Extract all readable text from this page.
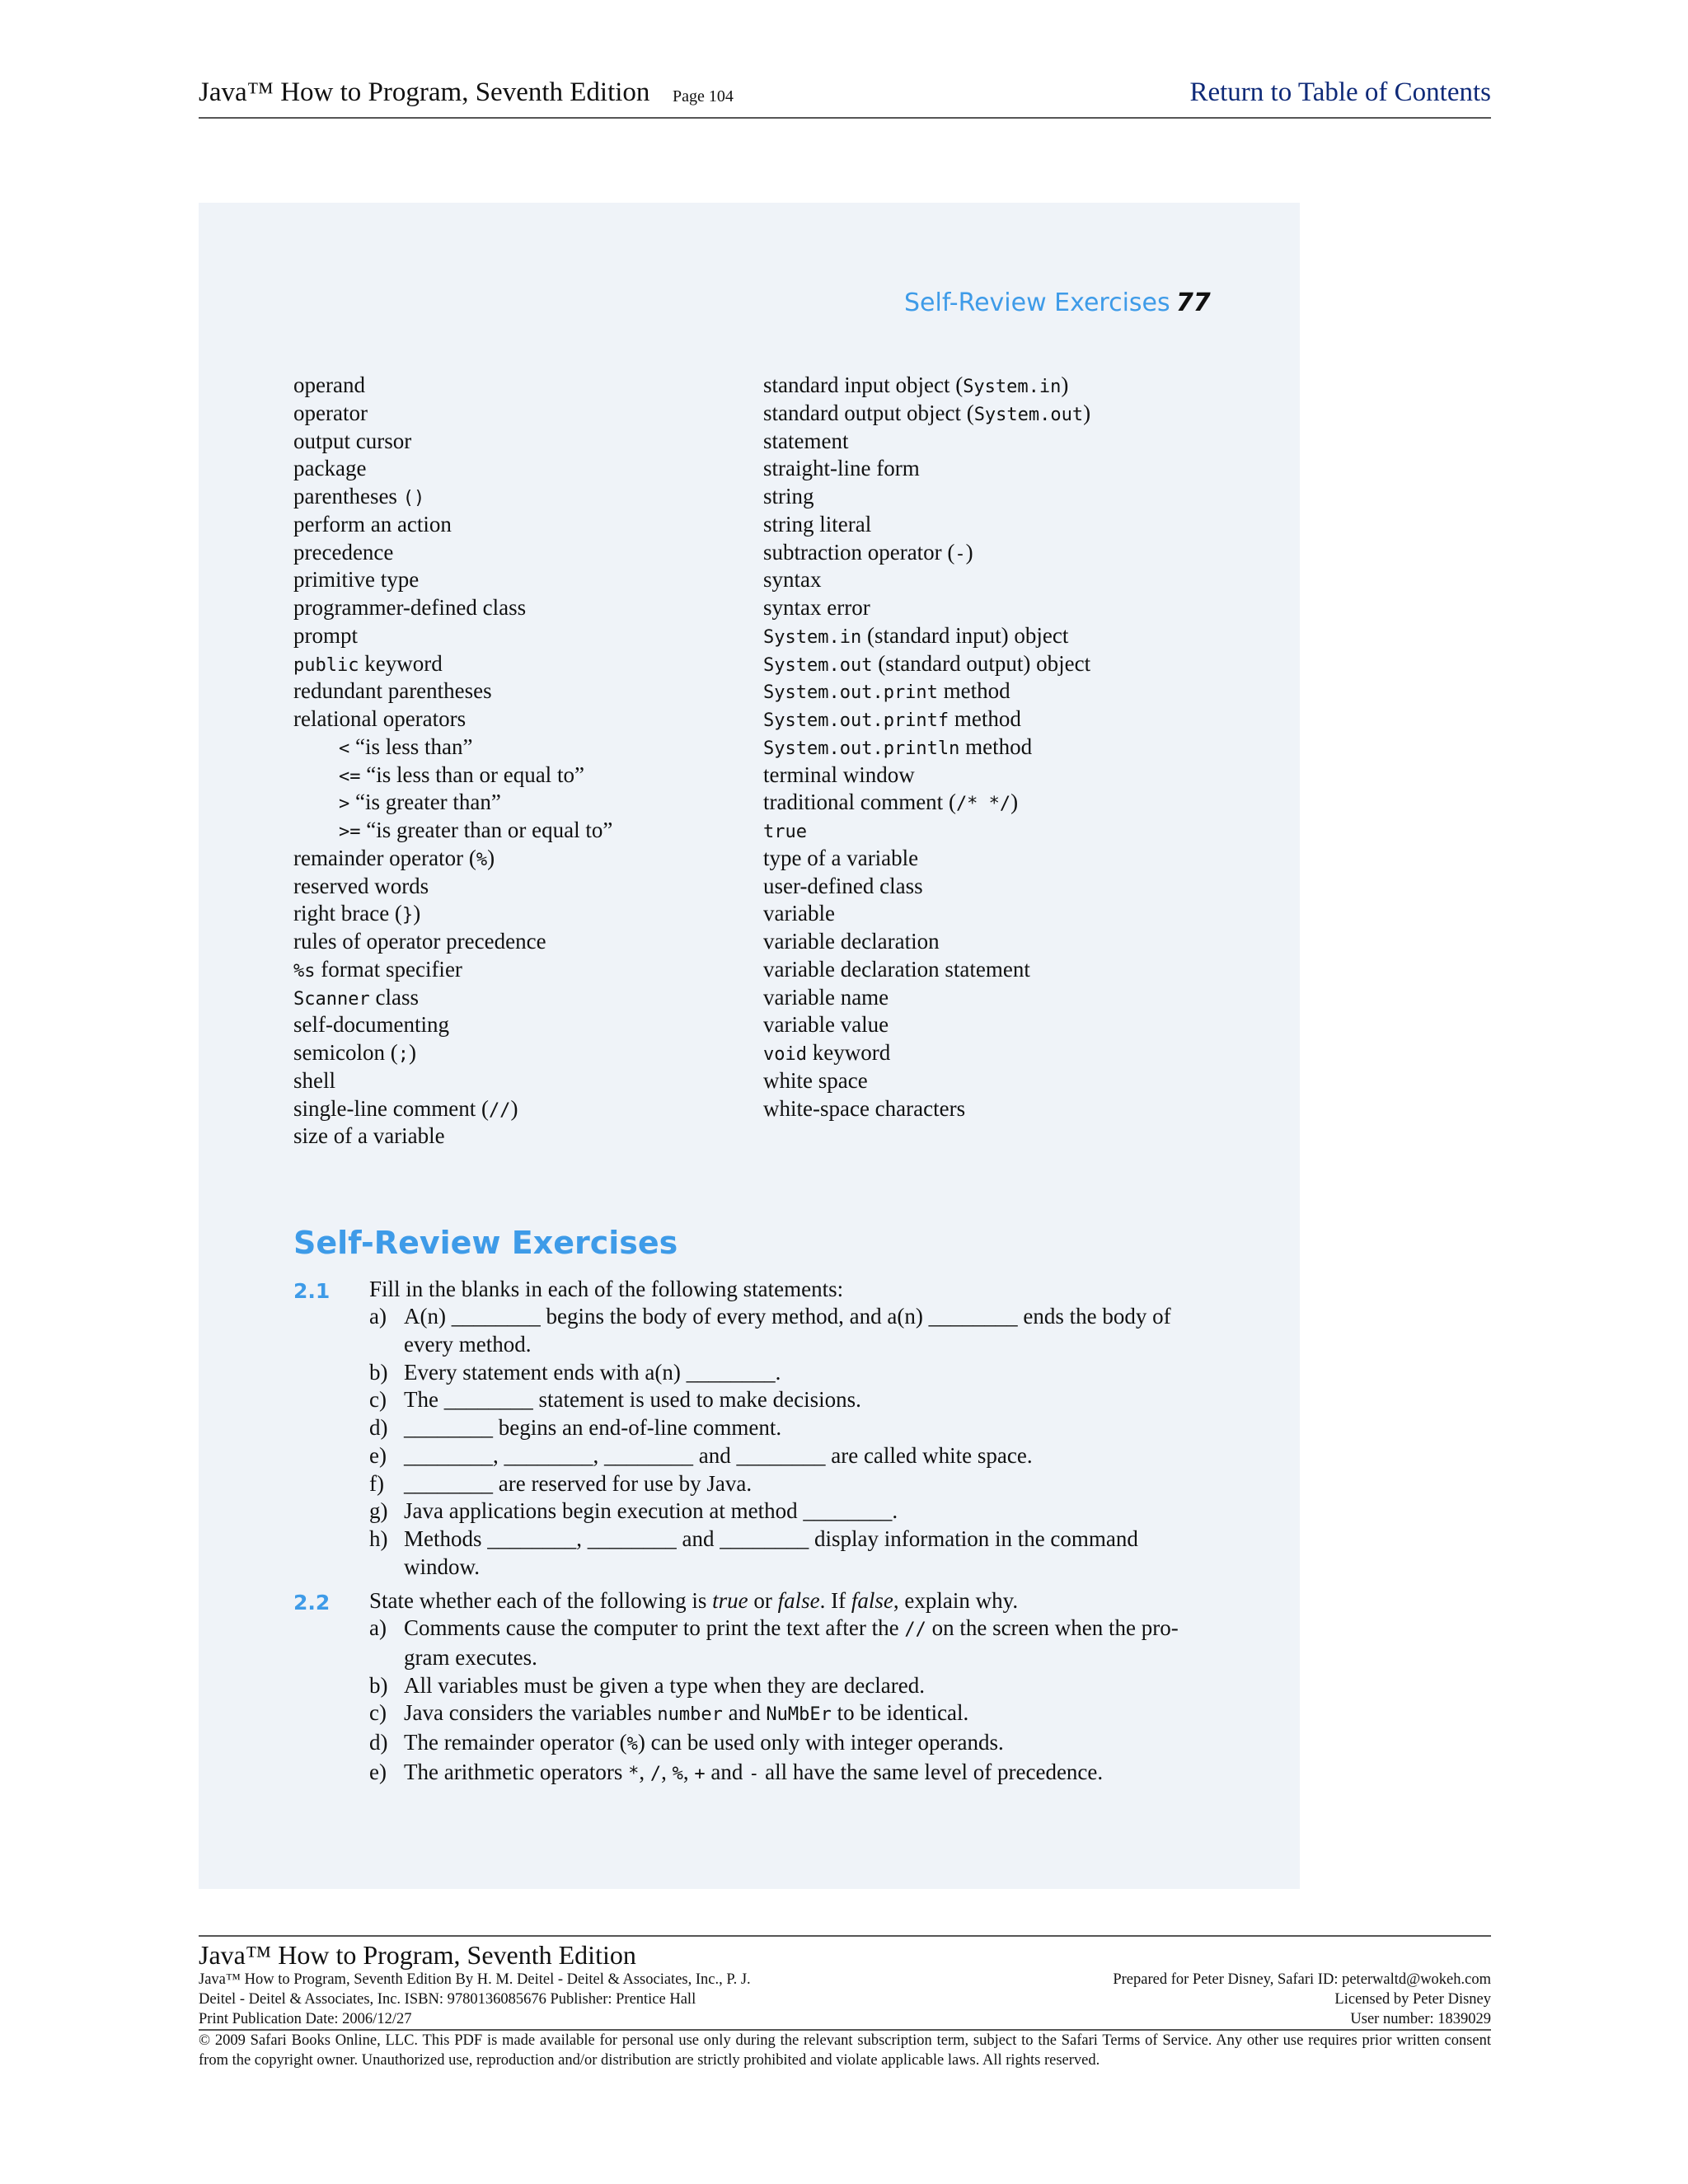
Java™ How to Program, Seventh Edition Page 104	Return to Table of Contents
Self-Review Exercises 77
operand
operator
output cursor
package
parentheses ()
perform an action
precedence
primitive type
programmer-defined class
prompt
public keyword
redundant parentheses
relational operators
< “is less than”
<= “is less than or equal to”
> “is greater than”
>= “is greater than or equal to”
remainder operator (%)
reserved words
right brace (})
rules of operator precedence
%s format specifier
Scanner class
self-documenting
semicolon (;)
shell
single-line comment (//)
size of a variable
standard input object (System.in)
standard output object (System.out)
statement
straight-line form
string
string literal
subtraction operator (-)
syntax
syntax error
System.in (standard input) object
System.out (standard output) object
System.out.print method
System.out.printf method
System.out.println method
terminal window
traditional comment (/* */)
true
type of a variable
user-defined class
variable
variable declaration
variable declaration statement
variable name
variable value
void keyword
white space
white-space characters
Self-Review Exercises
2.1 Fill in the blanks in each of the following statements:
a) A(n) ________ begins the body of every method, and a(n) ________ ends the body of every method.
b) Every statement ends with a(n) ________.
c) The ________ statement is used to make decisions.
d) ________ begins an end-of-line comment.
e) ________, ________, ________ and ________ are called white space.
f) ________ are reserved for use by Java.
g) Java applications begin execution at method ________.
h) Methods ________, ________ and ________ display information in the command window.
2.2 State whether each of the following is true or false. If false, explain why.
a) Comments cause the computer to print the text after the // on the screen when the pro-gram executes.
b) All variables must be given a type when they are declared.
c) Java considers the variables number and NuMbEr to be identical.
d) The remainder operator (%) can be used only with integer operands.
e) The arithmetic operators *, /, %, + and - all have the same level of precedence.
Java™ How to Program, Seventh Edition
Java™ How to Program, Seventh Edition By H. M. Deitel - Deitel & Associates, Inc., P. J.
Deitel - Deitel & Associates, Inc. ISBN: 9780136085676 Publisher: Prentice Hall
Print Publication Date: 2006/12/27
Prepared for Peter Disney, Safari ID: peterwaltd@wokeh.com
Licensed by Peter Disney
User number: 1839029
© 2009 Safari Books Online, LLC. This PDF is made available for personal use only during the relevant subscription term, subject to the Safari Terms of Service. Any other use requires prior written consent from the copyright owner. Unauthorized use, reproduction and/or distribution are strictly prohibited and violate applicable laws. All rights reserved.
